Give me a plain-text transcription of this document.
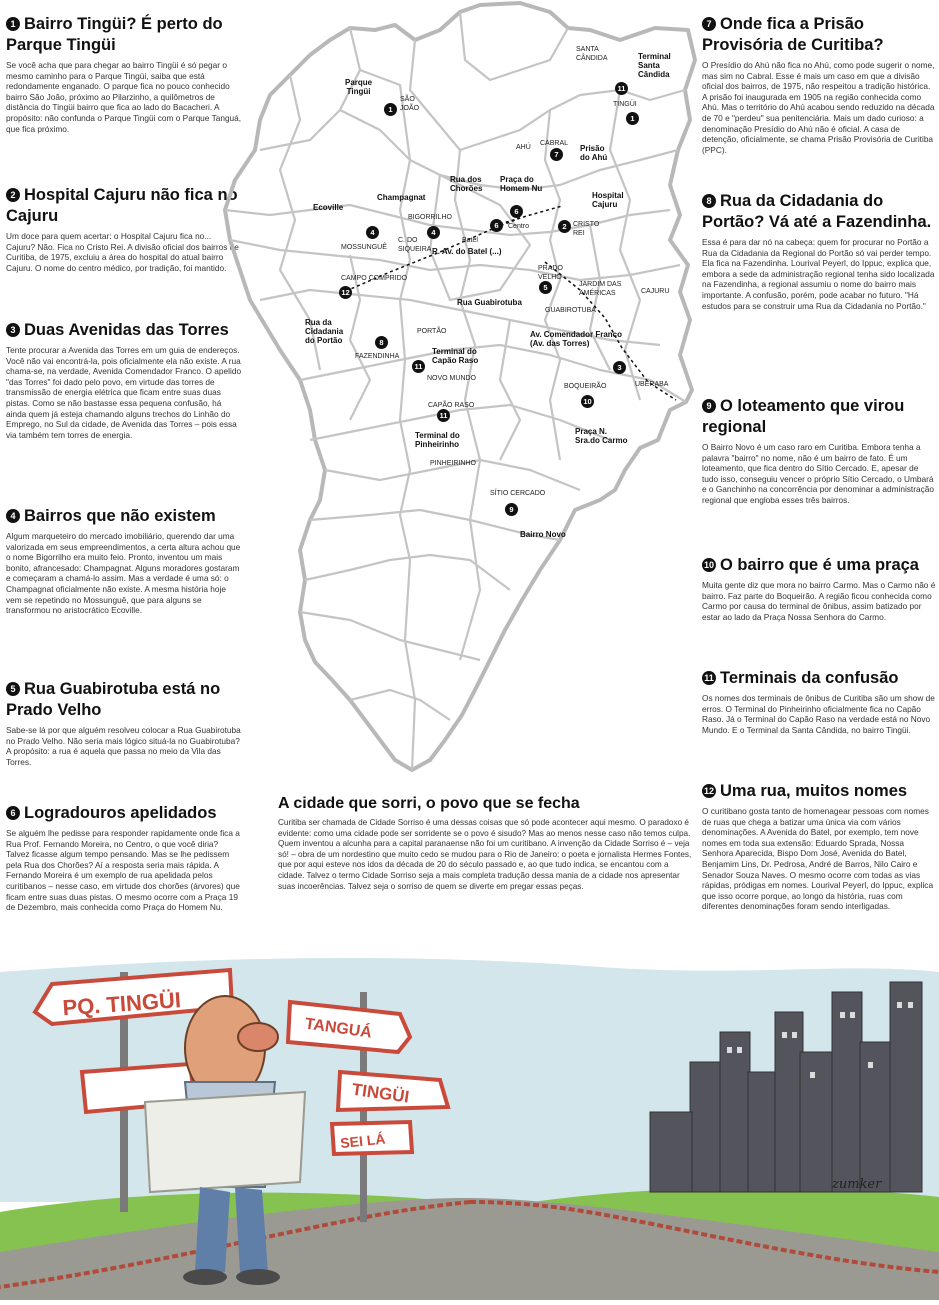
1 Bairro Tingüi? É perto do Parque Tingüi

Se você acha que para chegar ao bairro Tingüi é só pegar o mesmo caminho para o Parque Tingüi, saiba que está redondamente enganado. O parque fica no pouco conhecido bairro São João, próximo ao Pilarzinho, a quilômetros de distância do Tingüi bairro que fica ao lado do Bacacheri. A propósito: não confunda o Parque Tingüi com o Parque Tanguá, que fica próximo.

2 Hospital Cajuru não fica no Cajuru

Um doce para quem acertar: o Hospital Cajuru fica no... Cajuru? Não. Fica no Cristo Rei. A divisão oficial dos bairros de Curitiba, de 1975, excluiu a área do hospital do atual bairro Cajuru. O nome do centro médico, por tradição, foi mantido.

3 Duas Avenidas das Torres

Tente procurar a Avenida das Torres em um guia de endereços. Você não vai encontrá-la, pois oficialmente ela não existe. A rua chama-se, na verdade, Avenida Comendador Franco. O apelido "das Torres" foi dado pelo povo, em virtude das torres de transmissão de energia elétrica que ficam entre suas duas pistas. Como se não bastasse essa pequena confusão, há ainda quem já esteja chamando alguns trechos do Linhão do Emprego, no Sul da cidade, de Avenida das Torres – pois essa via também tem torres de energia.

4 Bairros que não existem

Algum marqueteiro do mercado imobiliário, querendo dar uma valorizada em seus empreendimentos, a certa altura achou que o nome Bigorrilho era muito feio. Pronto, inventou um mais bonito, afrancesado: Champagnat. Alguns moradores gostaram e começaram a chamá-lo assim. Mas a verdade é uma só: o Champagnat oficialmente não existe. A mesma história hoje vem se repetindo no Mossunguê, que para alguns se transformou no aristocrático Ecoville.

5 Rua Guabirotuba está no Prado Velho

Sabe-se lá por que alguém resolveu colocar a Rua Guabirotuba no Prado Velho. Não seria mais lógico situá-la no Guabirotuba? A propósito: a rua é aquela que passa no meio da Vila das Torres.

6 Logradouros apelidados

Se alguém lhe pedisse para responder rapidamente onde fica a Rua Prof. Fernando Moreira, no Centro, o que você diria? Talvez ficasse algum tempo pensando. Mas se lhe pedissem pela Rua dos Chorões? Aí a resposta seria mais rápida. A Fernando Moreira é um exemplo de rua apelidada pelos curitibanos – nesse caso, em virtude dos chorões (árvores) que ficam entre suas duas pistas. O mesmo ocorre com a Praça 19 de Dezembro, mais conhecida como Praça do Homem Nu.

7 Onde fica a Prisão Provisória de Curitiba?

O Presídio do Ahú não fica no Ahú, como pode sugerir o nome, mas sim no Cabral. Esse é mais um caso em que a divisão oficial dos bairros, de 1975, não respeitou a tradição histórica. A prisão foi inaugurada em 1905 na região conhecida como Ahú. Mas o território do Ahú acabou sendo reduzido na década de 70 e "perdeu" sua penitenciária. Mais um dado curioso: a denominação Presídio do Ahú não é oficial. A casa de detenção, oficialmente, se chama Prisão Provisória de Curitiba (PPC).

8 Rua da Cidadania do Portão? Vá até a Fazendinha.

Essa é para dar nó na cabeça: quem for procurar no Portão a Rua da Cidadania da Regional do Portão só vai perder tempo. Ela fica na Fazendinha. Lourival Peyerl, do Ippuc, explica que, embora a sede da administração regional tenha sido localizada na Fazendinha, a regional assumiu o nome do bairro mais importante. A confusão, porém, pode acabar no futuro. "Há estudos para se construir uma Rua da Cidadania no Portão."

9 O loteamento que virou regional

O Bairro Novo é um caso raro em Curitiba. Embora tenha a palavra "bairro" no nome, não é um bairro de fato. É um loteamento, que fica dentro do Sítio Cercado. E, apesar de tudo isso, conseguiu vencer o próprio Sítio Cercado, o Umbará e o Ganchinho na concorrência por denominar a administração regional que engloba esses três bairros.

10 O bairro que é uma praça

Muita gente diz que mora no bairro Carmo. Mas o Carmo não é bairro. Faz parte do Boqueirão. A região ficou conhecida como Carmo por causa do terminal de ônibus, assim batizado por estar ao lado da Praça Nossa Senhora do Carmo.

11 Terminais da confusão

Os nomes dos terminais de ônibus de Curitiba são um show de erros. O Terminal do Pinheirinho oficialmente fica no Capão Raso. Já o Terminal do Capão Raso na verdade está no Novo Mundo. E o Terminal da Santa Cândida, no bairro Tingüi.

12 Uma rua, muitos nomes

O curitibano gosta tanto de homenagear pessoas com nomes de ruas que chega a batizar uma única via com vários denominações. A Avenida do Batel, por exemplo, tem nove nomes em toda sua extensão: Eduardo Sprada, Nossa Senhora Aparecida, Bispo Dom José, Avenida do Batel, Benjamim Lins, Dr. Pedrosa, André de Barros, Nilo Cairo e Senador Souza Naves. O mesmo ocorre com todas as vias rápidas, pródigas em nomes. Lourival Peyerl, do Ippuc, explica que isso ocorre porque, ao longo da história, ruas com diferentes denominações foram sendo interligadas.

A cidade que sorri, o povo que se fecha

Curitiba ser chamada de Cidade Sorriso é uma dessas coisas que só pode acontecer aqui mesmo. O paradoxo é evidente: como uma cidade pode ser sorridente se o povo é sisudo? Mas ao menos nesse caso não temos culpa. Quem inventou a alcunha para a capital paranaense não foi um curitibano. A invenção da Cidade Sorriso é – veja só! – obra de um nordestino que muito cedo se mudou para o Rio de Janeiro: o poeta e jornalista Hermes Fontes, que por aqui esteve nos idos da década de 20 do século passado e, ao que tudo indica, se encantou com a cidade. Talvez o termo Cidade Sorriso seja a mais completa tradução dessa mania de a cidade nos apresentar suas incoerências. Talvez seja o sorriso de quem se diverte em pregar essas peças.

Parque
Tingüi
Terminal
Santa
Cândida
Prisão
do Ahú
Rua dos
Chorões
Praça do
Homem Nu
Hospital
Cajuru
Champagnat
Ecoville
R. Av. do Batel (...)
Rua Guabirotuba
Rua da
Cidadania
do Portão
Terminal do
Capão Raso
Av. Comendador Franco
(Av. das Torres)
Praça N.
Sra.do Carmo
Terminal do
Pinheirinho
Bairro Novo
SANTA
CÂNDIDA
SÃO
JOÃO
TINGÜI
AHÚ
CABRAL
BIGORRILHO
CRISTO
REI
MOSSUNGUÊ
C. DO
SIQUEIRA
Centro
CAMPO COMPRIDO
PRADO
VELHO
JARDIM DAS
AMÉRICAS	CAJURU
GUABIROTUBA
PORTÃO
FAZENDINHA
NOVO MUNDO
UBERABA
BOQUEIRÃO
CAPÃO RASO
PINHEIRINHO
SÍTIO CERCADO
Batel
1
11
1
7
6
6	2
4	4
12
5
8
11	3
10
11
9
PQ. TINGÜI
TANGUÁ
TINGÜI
SEI LÁ
zumker
